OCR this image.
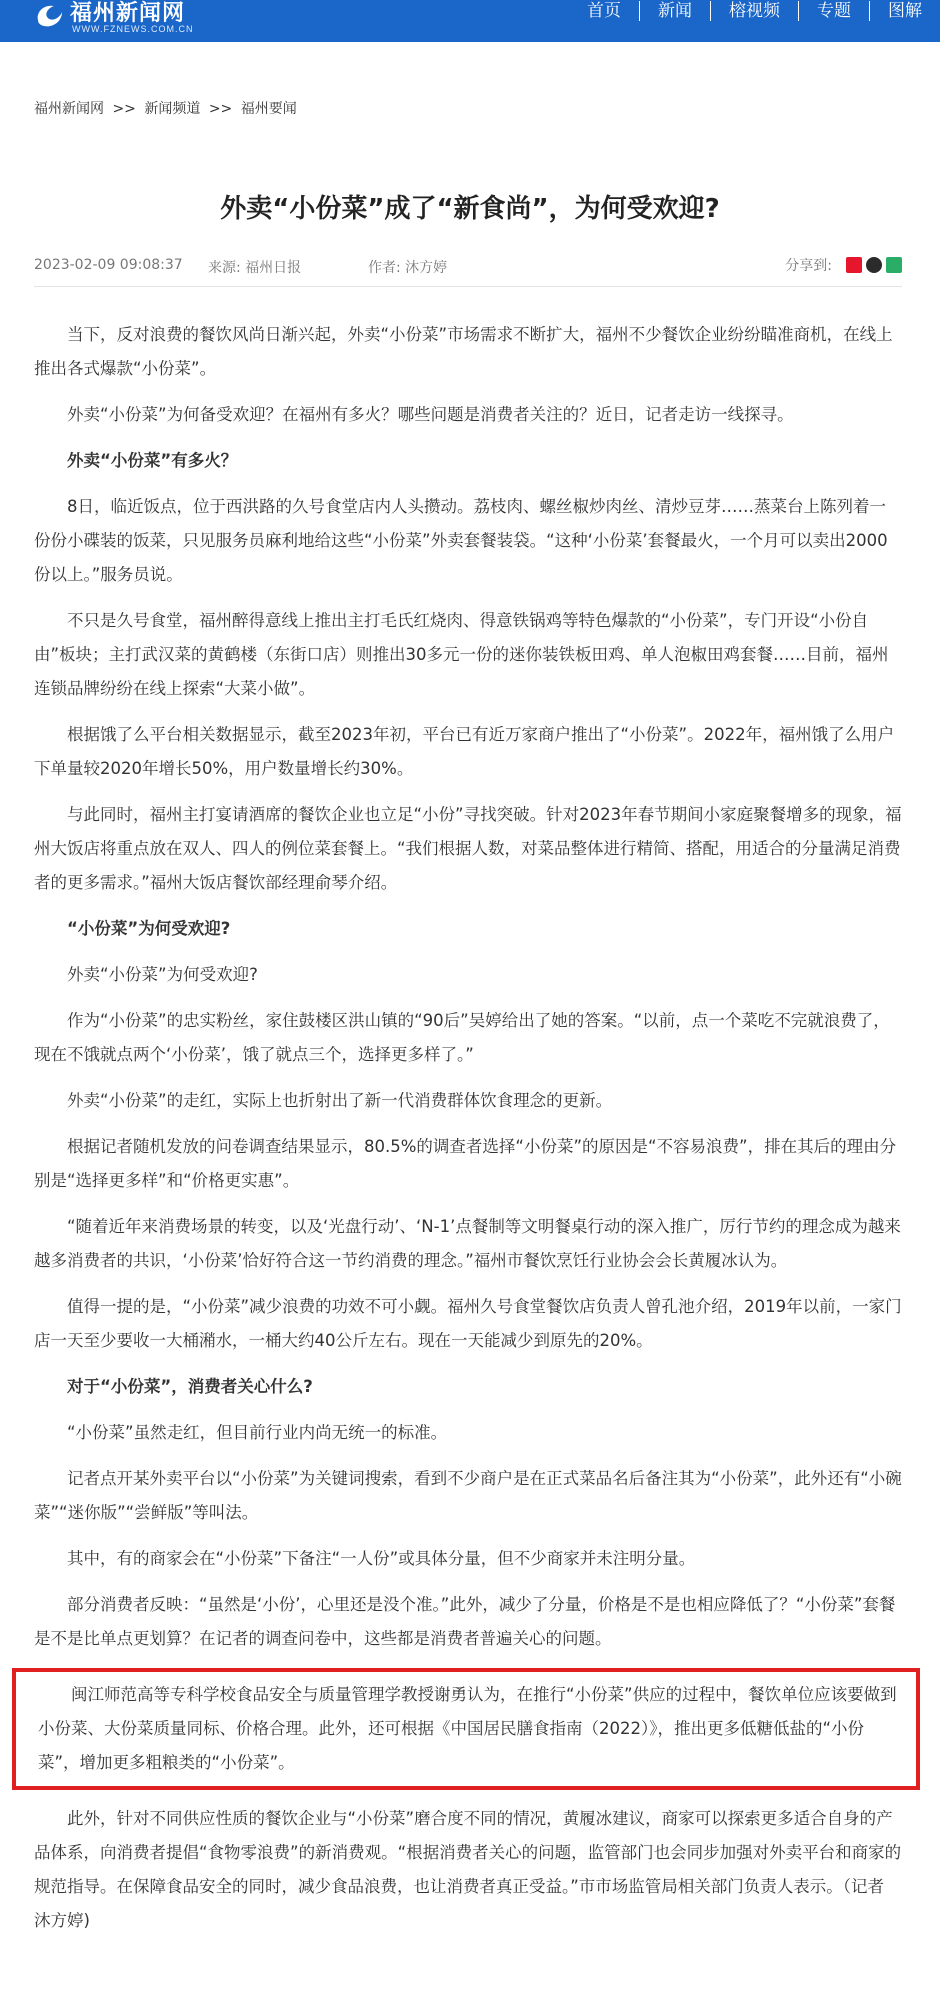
福州新闻网
WWW.FZNEWS.COM.CN
首页	新闻	榕视频	专题	图解
福州新闻网 >> 新闻频道 >> 福州要闻
外卖“小份菜”成了“新食尚”，为何受欢迎?
2023-02-09 09:08:37 来源: 福州日报	作者: 沐方婷	分享到:

当下，反对浪费的餐饮风尚日渐兴起，外卖“小份菜”市场需求不断扩大，福州不少餐饮企业纷纷瞄准商机，在线上推出各式爆款“小份菜”。

外卖“小份菜”为何备受欢迎？在福州有多火？哪些问题是消费者关注的？近日，记者走访一线探寻。

外卖“小份菜”有多火？

8日，临近饭点，位于西洪路的久号食堂店内人头攒动。荔枝肉、螺丝椒炒肉丝、清炒豆芽……蒸菜台上陈列着一份份小碟装的饭菜，只见服务员麻利地给这些“小份菜”外卖套餐装袋。“这种‘小份菜’套餐最火，一个月可以卖出2000份以上。”服务员说。

不只是久号食堂，福州醉得意线上推出主打毛氏红烧肉、得意铁锅鸡等特色爆款的“小份菜”，专门开设“小份自由”板块；主打武汉菜的黄鹤楼（东街口店）则推出30多元一份的迷你装铁板田鸡、单人泡椒田鸡套餐……目前，福州连锁品牌纷纷在线上探索“大菜小做”。

根据饿了么平台相关数据显示，截至2023年初，平台已有近万家商户推出了“小份菜”。2022年，福州饿了么用户下单量较2020年增长50%，用户数量增长约30%。

与此同时，福州主打宴请酒席的餐饮企业也立足“小份”寻找突破。针对2023年春节期间小家庭聚餐增多的现象，福州大饭店将重点放在双人、四人的例位菜套餐上。“我们根据人数，对菜品整体进行精简、搭配，用适合的分量满足消费者的更多需求。”福州大饭店餐饮部经理俞琴介绍。

“小份菜”为何受欢迎?

外卖“小份菜”为何受欢迎?

作为“小份菜”的忠实粉丝，家住鼓楼区洪山镇的“90后”吴婷给出了她的答案。“以前，点一个菜吃不完就浪费了，现在不饿就点两个‘小份菜’，饿了就点三个，选择更多样了。”

外卖“小份菜”的走红，实际上也折射出了新一代消费群体饮食理念的更新。

根据记者随机发放的问卷调查结果显示，80.5%的调查者选择“小份菜”的原因是“不容易浪费”，排在其后的理由分别是“选择更多样”和“价格更实惠”。

“随着近年来消费场景的转变，以及‘光盘行动’、‘N-1’点餐制等文明餐桌行动的深入推广，厉行节约的理念成为越来越多消费者的共识，‘小份菜’恰好符合这一节约消费的理念。”福州市餐饮烹饪行业协会会长黄履冰认为。

值得一提的是，“小份菜”减少浪费的功效不可小觑。福州久号食堂餐饮店负责人曾孔池介绍，2019年以前，一家门店一天至少要收一大桶潲水，一桶大约40公斤左右。现在一天能减少到原先的20%。

对于“小份菜”，消费者关心什么?

“小份菜”虽然走红，但目前行业内尚无统一的标准。

记者点开某外卖平台以“小份菜”为关键词搜索，看到不少商户是在正式菜品名后备注其为“小份菜”，此外还有“小碗菜”“迷你版”“尝鲜版”等叫法。

其中，有的商家会在“小份菜”下备注“一人份”或具体分量，但不少商家并未注明分量。

部分消费者反映：“虽然是‘小份’，心里还是没个准。”此外，减少了分量，价格是不是也相应降低了？“小份菜”套餐是不是比单点更划算？在记者的调查问卷中，这些都是消费者普遍关心的问题。

闽江师范高等专科学校食品安全与质量管理学教授谢勇认为，在推行“小份菜”供应的过程中，餐饮单位应该要做到小份菜、大份菜质量同标、价格合理。此外，还可根据《中国居民膳食指南（2022）》，推出更多低糖低盐的“小份菜”，增加更多粗粮类的“小份菜”。

此外，针对不同供应性质的餐饮企业与“小份菜”磨合度不同的情况，黄履冰建议，商家可以探索更多适合自身的产品体系，向消费者提倡“食物零浪费”的新消费观。“根据消费者关心的问题，监管部门也会同步加强对外卖平台和商家的规范指导。在保障食品安全的同时，减少食品浪费，也让消费者真正受益。”市市场监管局相关部门负责人表示。（记者 沐方婷)
